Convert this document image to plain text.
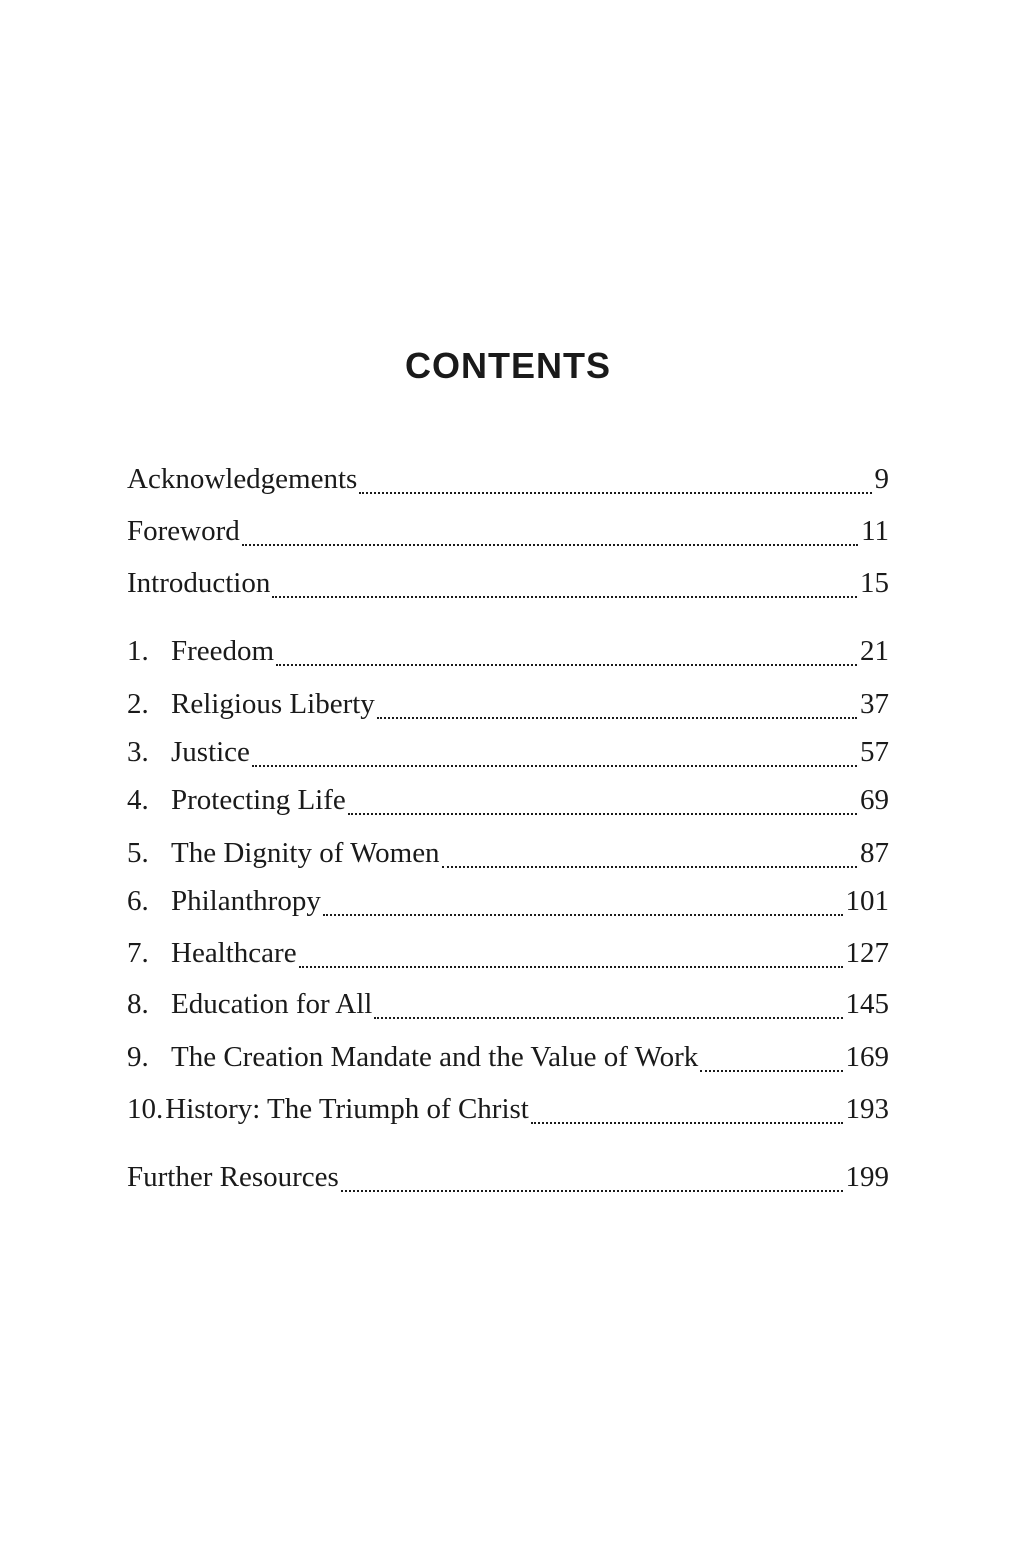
CONTENTS
Acknowledgements	9
Foreword	11
Introduction	15
1. Freedom	21
2. Religious Liberty	37
3. Justice	57
4. Protecting Life	69
5. The Dignity of Women	87
6. Philanthropy	101
7. Healthcare	127
8. Education for All	145
9. The Creation Mandate and the Value of Work	169
10. History: The Triumph of Christ	193
Further Resources	199
